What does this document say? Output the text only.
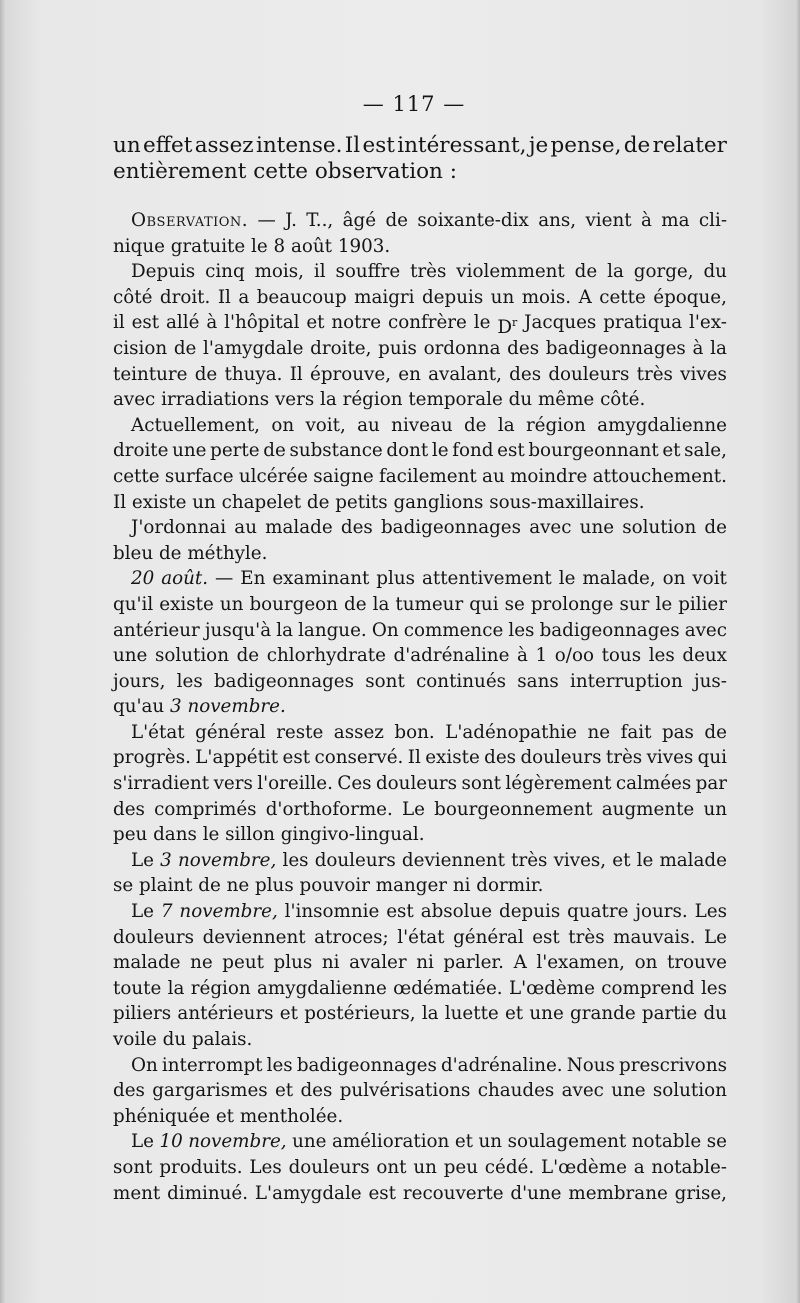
— 117 —

un effet assez intense. Il est intéressant, je pense, de relater

entièrement cette observation :

Observation. — J. T.., âgé de soixante-dix ans, vient à ma cli-
nique
gratuite
le
8
août
1903.
Depuis cinq mois, il souffre très violemment de la gorge, du
côté droit. Il a beaucoup maigri depuis un mois. A cette époque,
il est allé à l'hôpital et notre confrère le $D^r$ Jacques pratiqua l'ex-
cision de l'amygdale droite, puis ordonna des badigeonnages à la
teinture de thuya. Il éprouve, en avalant, des douleurs très vives
avec
irradiations
vers
la
région
temporale
du
même
côté.
Actuellement, on voit, au niveau de la région amygdalienne
droite une perte de substance dont le fond est bourgeonnant et sale,
cette surface ulcérée saigne facilement au moindre attouchement.
Il
existe
un
chapelet
de
petits
ganglions
sous-maxillaires.
J'ordonnai au malade des badigeonnages avec une solution de
bleu
de
méthyle.
20 août. — En examinant plus attentivement le malade, on voit
qu'il existe un bourgeon de la tumeur qui se prolonge sur le pilier
antérieur jusqu'à la langue. On commence les badigeonnages avec
une solution de chlorhydrate d'adrénaline à 1 o/oo tous les deux
jours, les badigeonnages sont continués sans interruption jus-
qu'au
3
novembre.
L'état général reste assez bon. L'adénopathie ne fait pas de
progrès. L'appétit est conservé. Il existe des douleurs très vives qui
s'irradient vers l'oreille. Ces douleurs sont légèrement calmées par
des comprimés d'orthoforme. Le bourgeonnement augmente un
peu
dans
le
sillon
gingivo-lingual.
Le 3 novembre, les douleurs deviennent très vives, et le malade
se
plaint
de
ne
plus
pouvoir
manger
ni
dormir.
Le 7 novembre, l'insomnie est absolue depuis quatre jours. Les
douleurs deviennent atroces; l'état général est très mauvais. Le
malade ne peut plus ni avaler ni parler. A l'examen, on trouve
toute la région amygdalienne œdématiée. L'œdème comprend les
piliers antérieurs et postérieurs, la luette et une grande partie du
voile
du
palais.
On interrompt les badigeonnages d'adrénaline. Nous prescrivons
des gargarismes et des pulvérisations chaudes avec une solution
phéniquée
et
mentholée.
Le 10 novembre, une amélioration et un soulagement notable se
sont produits. Les douleurs ont un peu cédé. L'œdème a notable-
ment diminué. L'amygdale est recouverte d'une membrane grise,
